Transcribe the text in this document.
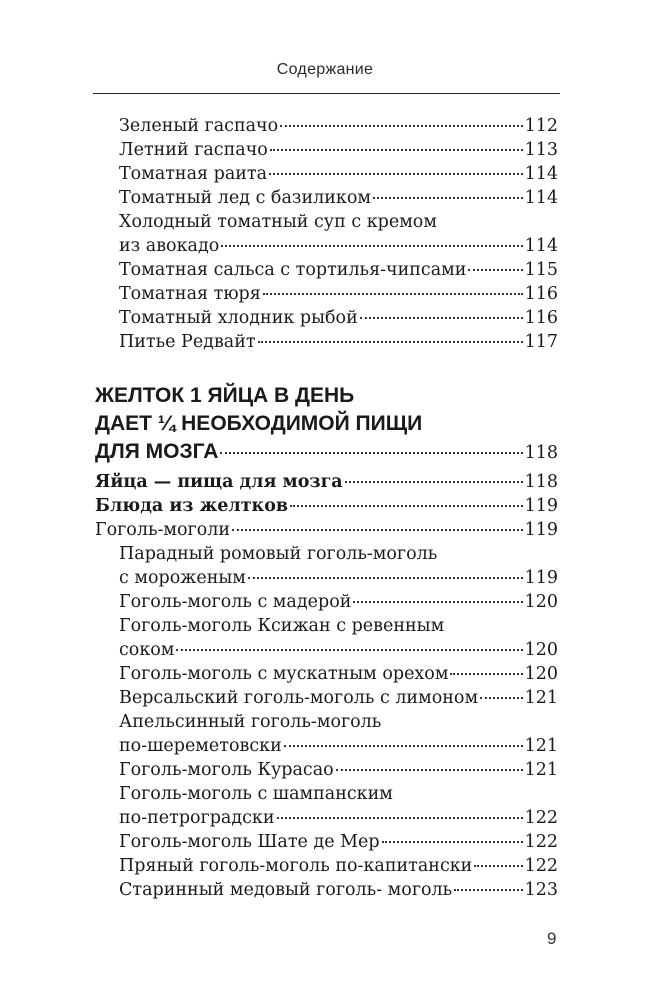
Содержание
Зеленый гаспачо	112
Летний гаспачо	113
Томатная раита	114
Томатный лед с базиликом	114
Холодный томатный суп с кремом
из авокадо	114
Томатная сальса с тортилья-чипсами	115
Томатная тюря	116
Томатный хлодник рыбой	116
Питье Редвайт	117
ЖЕЛТОК 1 ЯЙЦА В ДЕНЬ
ДАЕТ ¼ НЕОБХОДИМОЙ ПИЩИ
ДЛЯ МОЗГА	118
Яйца — пища для мозга	118
Блюда из желтков	119
Гоголь-моголи	119
Парадный ромовый гоголь-моголь
с мороженым	119
Гоголь-моголь с мадерой	120
Гоголь-моголь Ксижан с ревенным
соком	120
Гоголь-моголь с мускатным орехом	120
Версальский гоголь-моголь с лимоном	121
Апельсинный гоголь-моголь
по-шереметовски	121
Гоголь-моголь Курасао	121
Гоголь-моголь с шампанским
по-петроградски	122
Гоголь-моголь Шате де Мер	122
Пряный гоголь-моголь по-капитански	122
Старинный медовый гоголь- моголь	123
9
